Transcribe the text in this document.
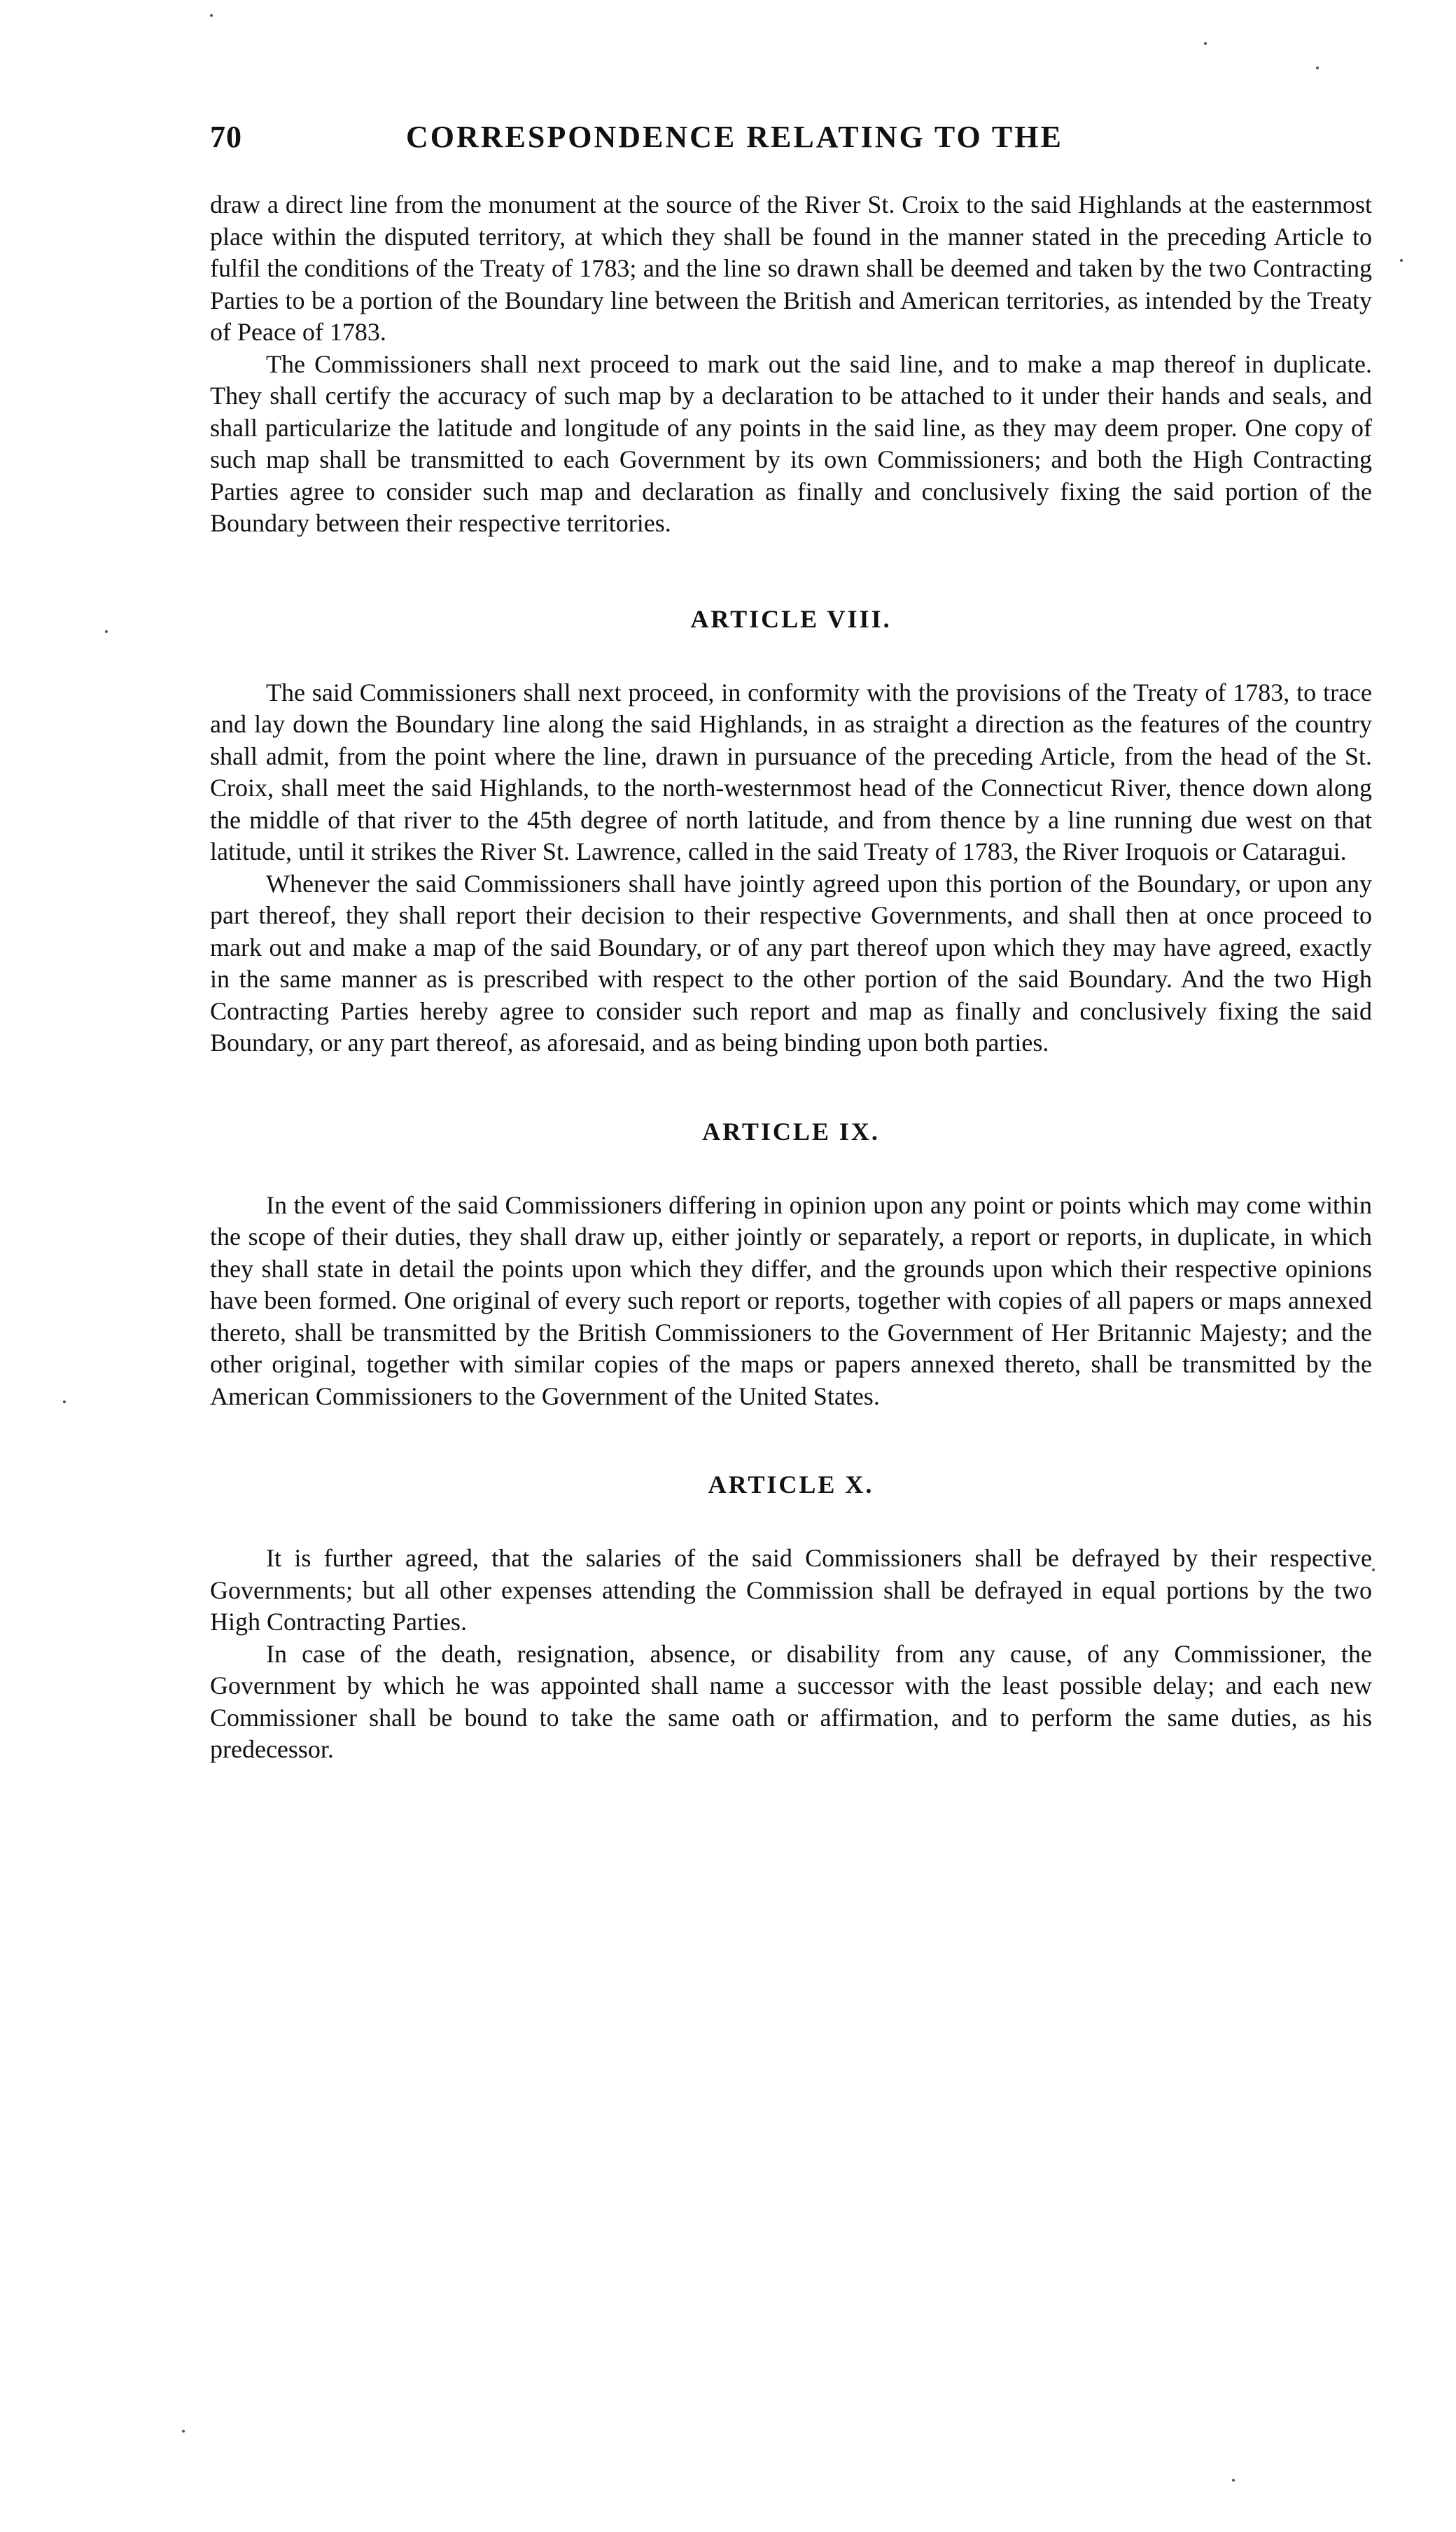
70	CORRESPONDENCE RELATING TO THE

draw a direct line from the monument at the source of the River St. Croix to the said Highlands at the easternmost place within the disputed territory, at which they shall be found in the manner stated in the preceding Article to fulfil the conditions of the Treaty of 1783; and the line so drawn shall be deemed and taken by the two Contracting Parties to be a portion of the Boundary line between the British and American territories, as intended by the Treaty of Peace of 1783.

The Commissioners shall next proceed to mark out the said line, and to make a map thereof in duplicate. They shall certify the accuracy of such map by a declaration to be attached to it under their hands and seals, and shall particularize the latitude and longitude of any points in the said line, as they may deem proper. One copy of such map shall be transmitted to each Government by its own Commissioners; and both the High Contracting Parties agree to consider such map and declaration as finally and conclusively fixing the said portion of the Boundary between their respective territories.

ARTICLE VIII.

The said Commissioners shall next proceed, in conformity with the provisions of the Treaty of 1783, to trace and lay down the Boundary line along the said Highlands, in as straight a direction as the features of the country shall admit, from the point where the line, drawn in pursuance of the preceding Article, from the head of the St. Croix, shall meet the said Highlands, to the north-westernmost head of the Connecticut River, thence down along the middle of that river to the 45th degree of north latitude, and from thence by a line running due west on that latitude, until it strikes the River St. Lawrence, called in the said Treaty of 1783, the River Iroquois or Cataragui.

Whenever the said Commissioners shall have jointly agreed upon this portion of the Boundary, or upon any part thereof, they shall report their decision to their respective Governments, and shall then at once proceed to mark out and make a map of the said Boundary, or of any part thereof upon which they may have agreed, exactly in the same manner as is prescribed with respect to the other portion of the said Boundary. And the two High Contracting Parties hereby agree to consider such report and map as finally and conclusively fixing the said Boundary, or any part thereof, as aforesaid, and as being binding upon both parties.

ARTICLE IX.

In the event of the said Commissioners differing in opinion upon any point or points which may come within the scope of their duties, they shall draw up, either jointly or separately, a report or reports, in duplicate, in which they shall state in detail the points upon which they differ, and the grounds upon which their respective opinions have been formed. One original of every such report or reports, together with copies of all papers or maps annexed thereto, shall be transmitted by the British Commissioners to the Government of Her Britannic Majesty; and the other original, together with similar copies of the maps or papers annexed thereto, shall be transmitted by the American Commissioners to the Government of the United States.

ARTICLE X.

It is further agreed, that the salaries of the said Commissioners shall be defrayed by their respective Governments; but all other expenses attending the Commission shall be defrayed in equal portions by the two High Contracting Parties.

In case of the death, resignation, absence, or disability from any cause, of any Commissioner, the Government by which he was appointed shall name a successor with the least possible delay; and each new Commissioner shall be bound to take the same oath or affirmation, and to perform the same duties, as his predecessor.
